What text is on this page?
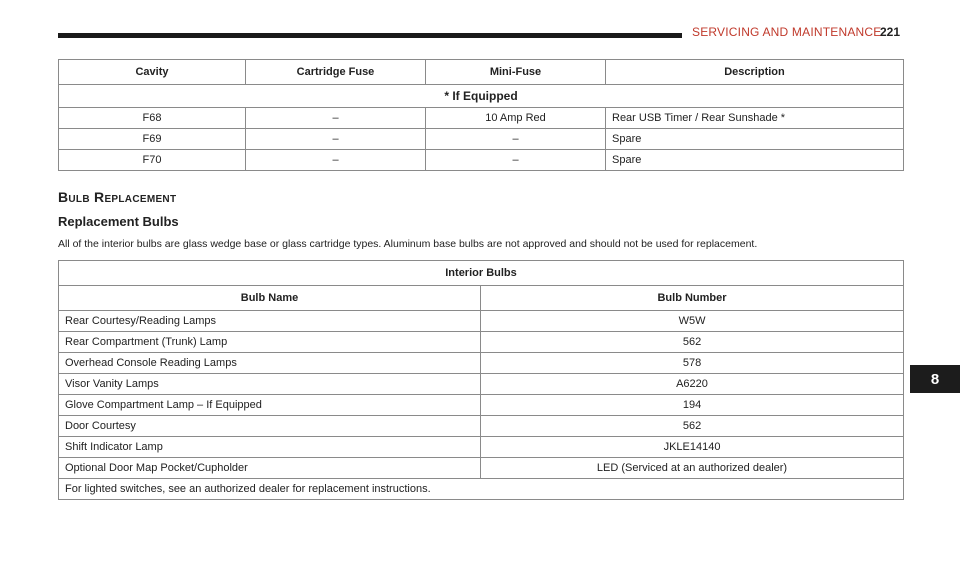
SERVICING AND MAINTENANCE
221
Cavity	Cartridge Fuse	Mini-Fuse	Description
* If Equipped			
F68	–	10 Amp Red	Rear USB Timer / Rear Sunshade *
F69	–	–	Spare
F70	–	–	Spare
Bulb Replacement
Replacement Bulbs
All of the interior bulbs are glass wedge base or glass cartridge types. Aluminum base bulbs are not approved and should not be used for replacement.
Interior Bulbs	
Bulb Name	Bulb Number
Rear Courtesy/Reading Lamps	W5W
Rear Compartment (Trunk) Lamp	562
Overhead Console Reading Lamps	578
Visor Vanity Lamps	A6220
Glove Compartment Lamp – If Equipped	194
Door Courtesy	562
Shift Indicator Lamp	JKLE14140
Optional Door Map Pocket/Cupholder	LED (Serviced at an authorized dealer)
For lighted switches, see an authorized dealer for replacement instructions.	
8
